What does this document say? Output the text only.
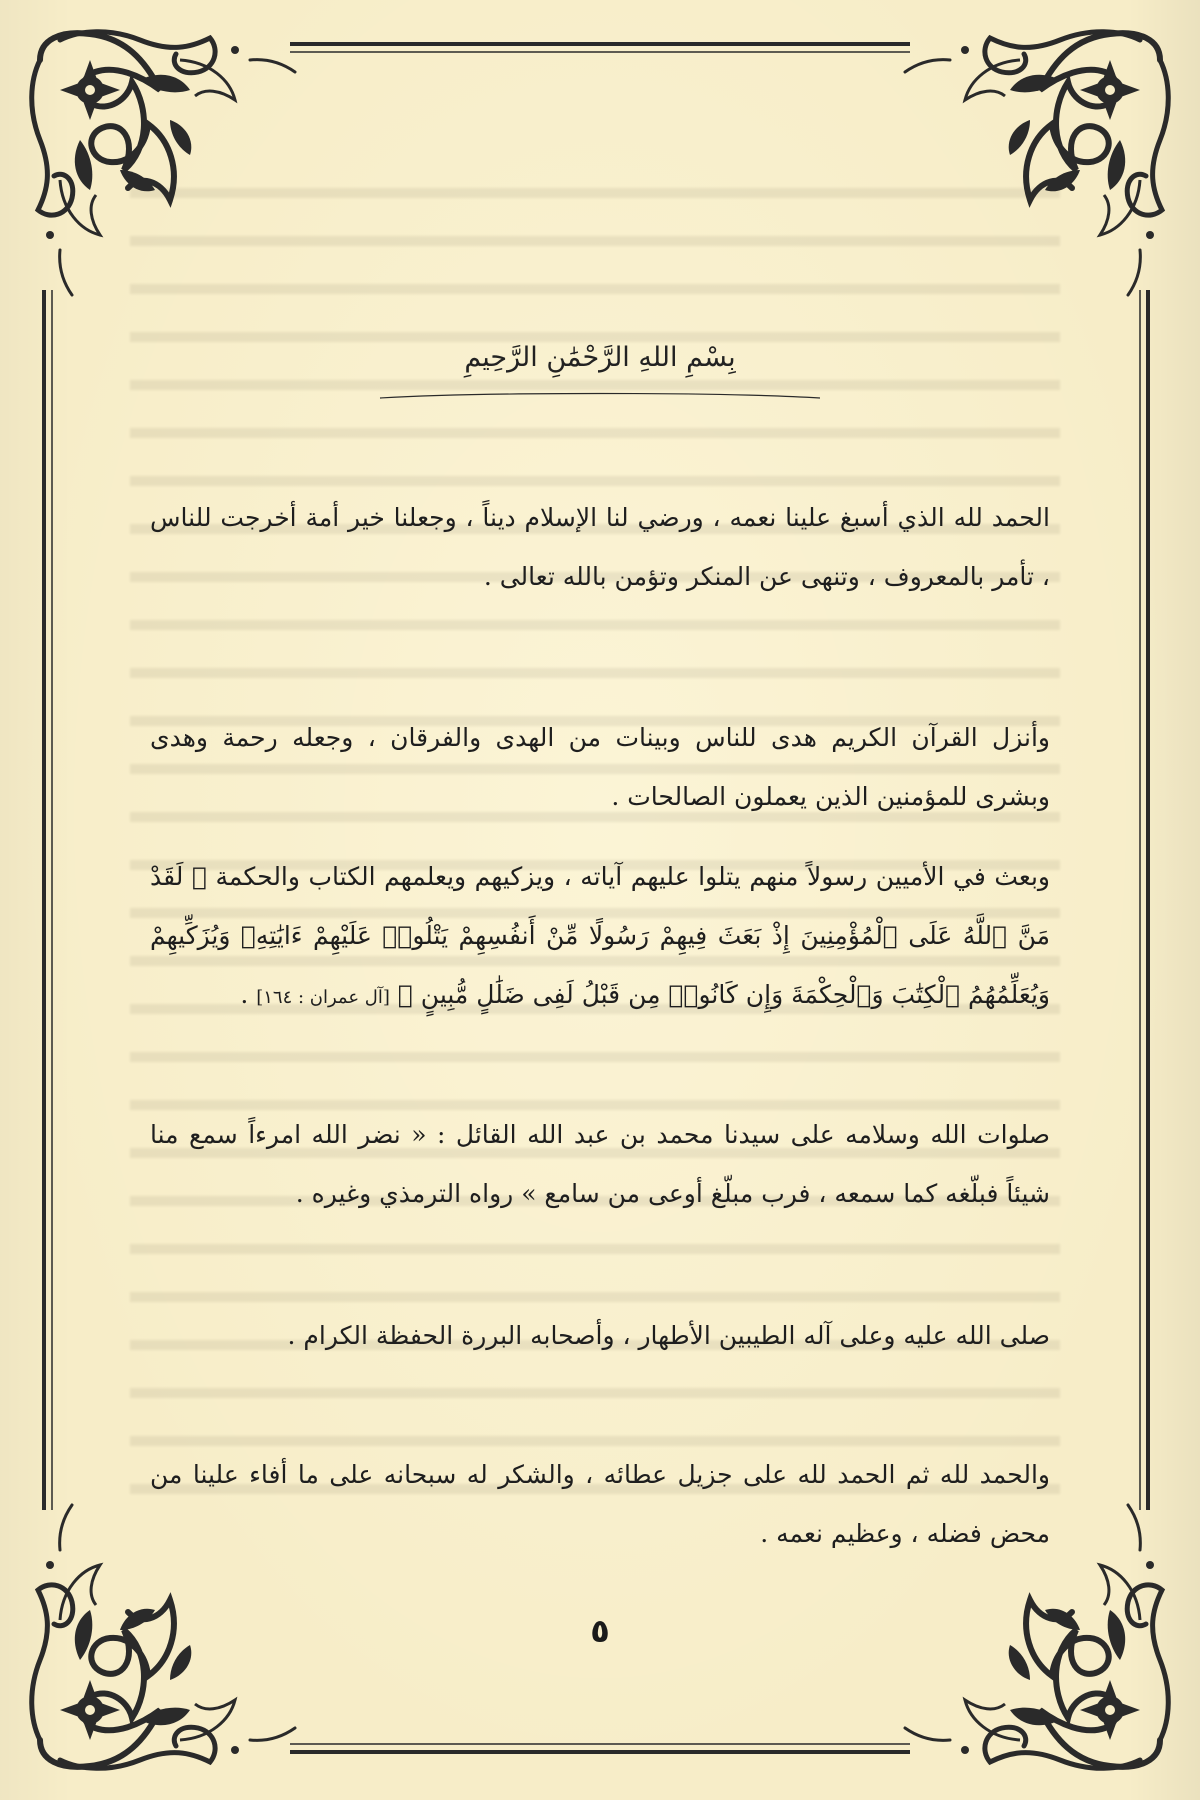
بِسْمِ اللهِ الرَّحْمَٰنِ الرَّحِيمِ

الحمد لله الذي أسبغ علينا نعمه ، ورضي لنا الإسلام ديناً ، وجعلنا خير أمة أخرجت للناس ، تأمر بالمعروف ، وتنهى عن المنكر وتؤمن بالله تعالى .

وأنزل القرآن الكريم هدى للناس وبينات من الهدى والفرقان ، وجعله رحمة وهدى وبشرى للمؤمنين الذين يعملون الصالحات .

وبعث في الأميين رسولاً منهم يتلوا عليهم آياته ، ويزكيهم ويعلمهم الكتاب والحكمة ﴿ لَقَدْ مَنَّ ٱللَّهُ عَلَى ٱلْمُؤْمِنِينَ إِذْ بَعَثَ فِيهِمْ رَسُولًا مِّنْ أَنفُسِهِمْ يَتْلُوا۟ عَلَيْهِمْ ءَايَٰتِهِۦ وَيُزَكِّيهِمْ وَيُعَلِّمُهُمُ ٱلْكِتَٰبَ وَٱلْحِكْمَةَ وَإِن كَانُوا۟ مِن قَبْلُ لَفِى ضَلَٰلٍ مُّبِينٍ ﴾ [آل عمران : ١٦٤] .

صلوات الله وسلامه على سيدنا محمد بن عبد الله القائل : « نضر الله امرءاً سمع منا شيئاً فبلّغه كما سمعه ، فرب مبلّغ أوعى من سامع » رواه الترمذي وغيره .

صلى الله عليه وعلى آله الطيبين الأطهار ، وأصحابه البررة الحفظة الكرام .

والحمد لله ثم الحمد لله على جزيل عطائه ، والشكر له سبحانه على ما أفاء علينا من محض فضله ، وعظيم نعمه .

٥
